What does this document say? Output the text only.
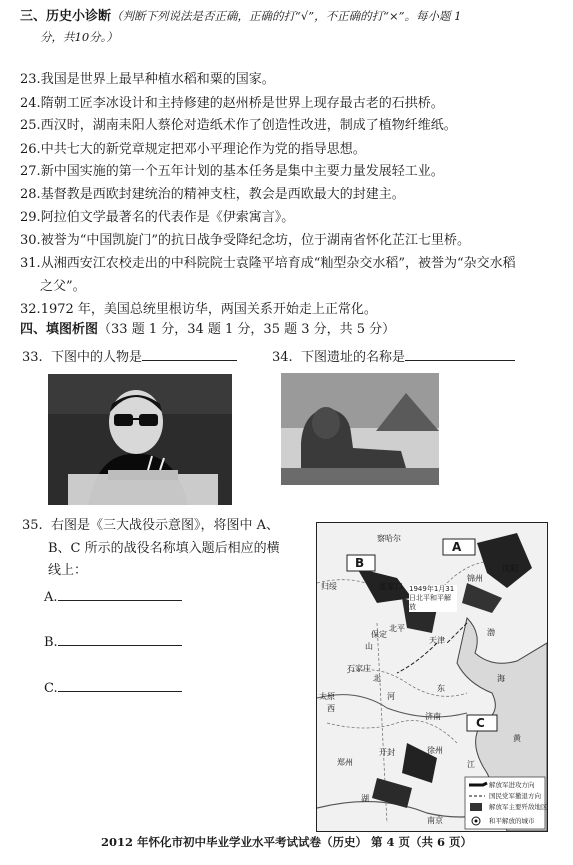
三、历史小诊断（判断下列说法是否正确，正确的打“√”，不正确的打“×”。每小题 1
分，共10分。）
23.我国是世界上最早种植水稻和粟的国家。
24.隋朝工匠李冰设计和主持修建的赵州桥是世界上现存最古老的石拱桥。
25.西汉时，湖南耒阳人蔡伦对造纸术作了创造性改进，制成了植物纤维纸。
26.中共七大的新党章规定把邓小平理论作为党的指导思想。
27.新中国实施的第一个五年计划的基本任务是集中主要力量发展轻工业。
28.基督教是西欧封建统治的精神支柱，教会是西欧最大的封建主。
29.阿拉伯文学最著名的代表作是《伊索寓言》。
30.被誉为“中国凯旋门”的抗日战争受降纪念坊，位于湖南省怀化芷江七里桥。
31.从湘西安江农校走出的中科院院士袁隆平培育成“籼型杂交水稻”，被誉为“杂交水稻
之父”。
32.1972 年，美国总统里根访华，两国关系开始走上正常化。
四、填图析图（33 题 1 分，34 题 1 分，35 题 3 分，共 5 分）
33. 下图中的人物是	34. 下图遗址的名称是
35. 右图是《三大战役示意图》，将图中 A、
B、C 所示的战役名称填入题后相应的横
线上：
A.
B.
C.
A
B
C
察哈尔
归绥	张家口
北平
天津
保定
石家庄
太原
济南
徐州
开封
郑州
南京
山
西
北
河
东
江
渤
海
黄
湖
锦州
沈阳
1949年1月31日北平和平解放
解放军进攻方向
国民党军撤退方向
解放军主要歼敌地区
和平解放的城市
2012 年怀化市初中毕业学业水平考试试卷（历史） 第 4 页（共 6 页）
